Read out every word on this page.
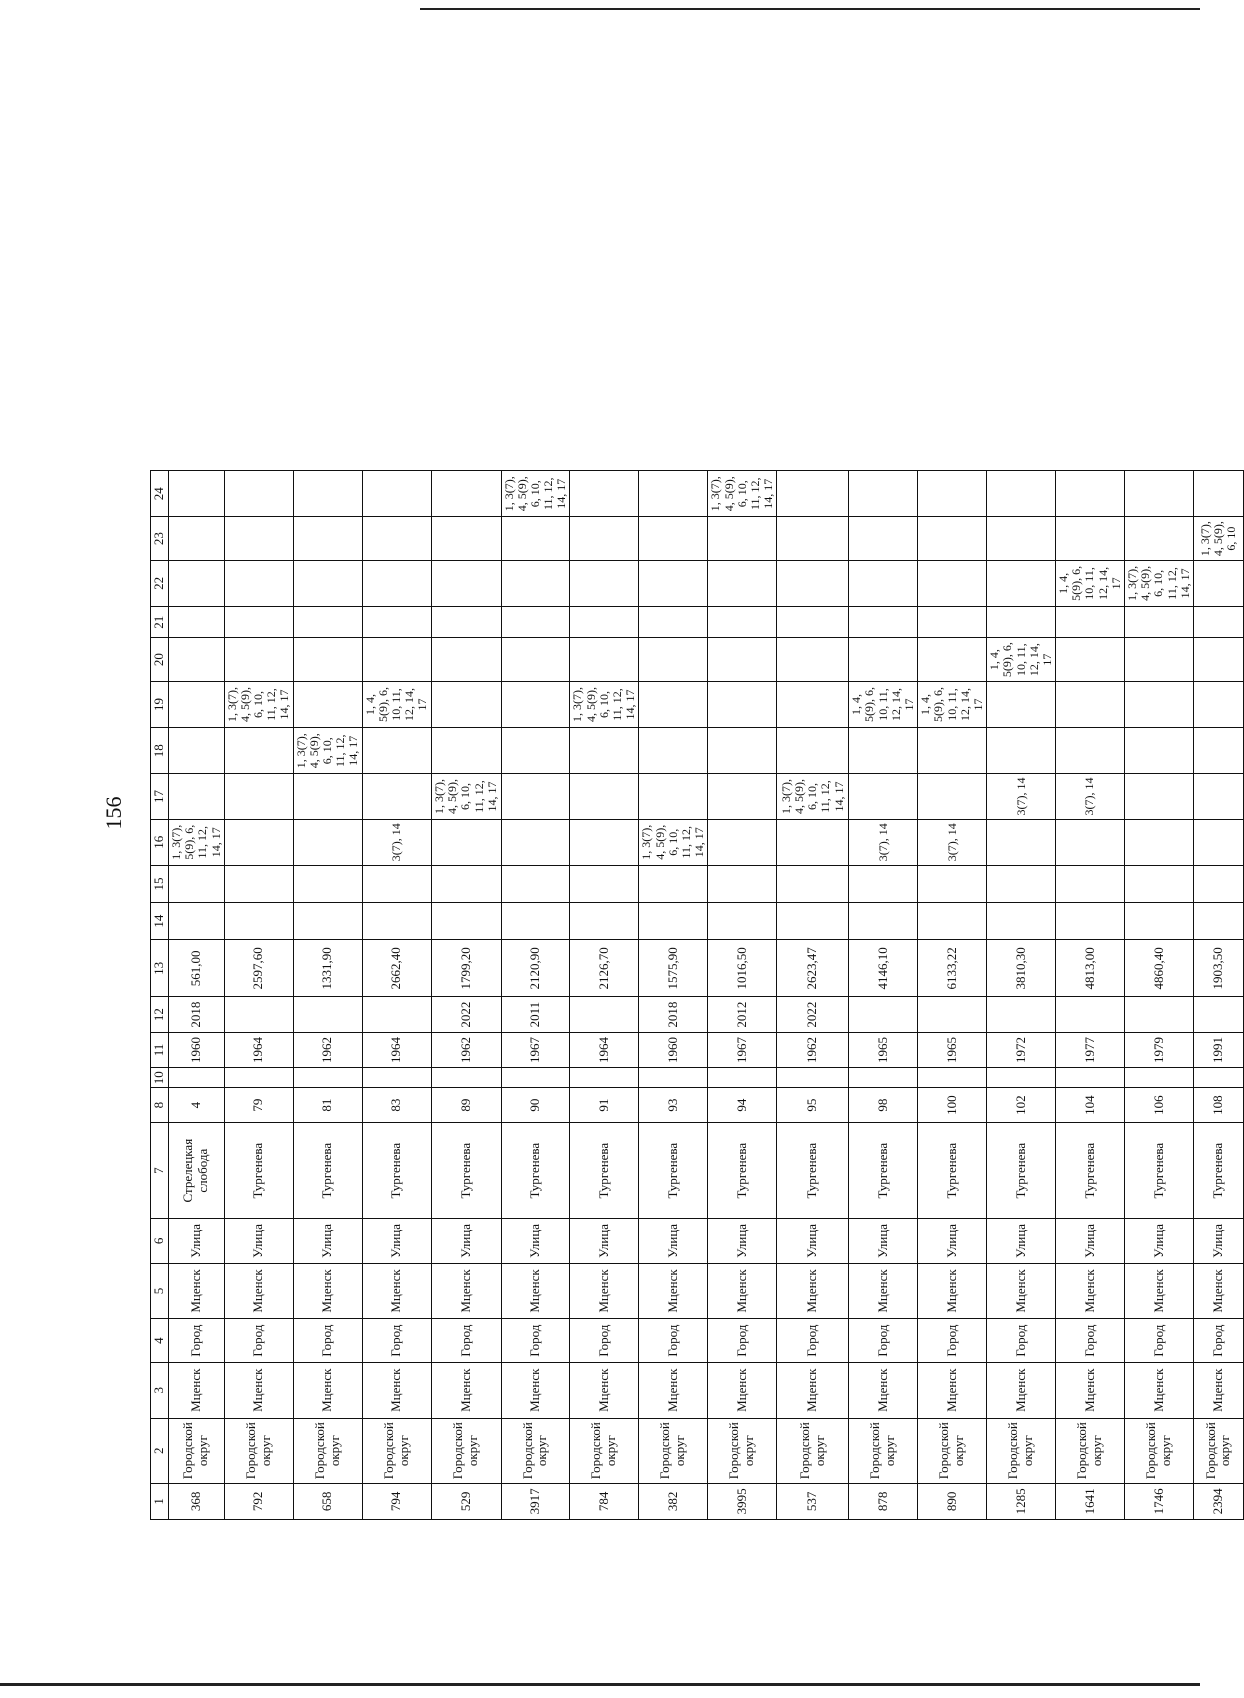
156
1	2	3	4	5	6	7	8	10	11	12	13	14	15	16	17	18	19	20	21	22	23	24
368	Городской округ	Мценск	Город	Мценск	Улица	Стрелецкая слобода	4		1960	2018	561,00			1, 3(7), 5(9), 6, 11, 12, 14, 17								
792	Городской округ	Мценск	Город	Мценск	Улица	Тургенева	79		1964		2597,60						1, 3(7), 4, 5(9), 6, 10, 11, 12, 14, 17					
658	Городской округ	Мценск	Город	Мценск	Улица	Тургенева	81		1962		1331,90					1, 3(7), 4, 5(9), 6, 10, 11, 12, 14, 17						
794	Городской округ	Мценск	Город	Мценск	Улица	Тургенева	83		1964		2662,40			3(7), 14			1, 4, 5(9), 6, 10, 11, 12, 14, 17					
529	Городской округ	Мценск	Город	Мценск	Улица	Тургенева	89		1962	2022	1799,20				1, 3(7), 4, 5(9), 6, 10, 11, 12, 14, 17							
3917	Городской округ	Мценск	Город	Мценск	Улица	Тургенева	90		1967	2011	2120,90											1, 3(7), 4, 5(9), 6, 10, 11, 12, 14, 17
784	Городской округ	Мценск	Город	Мценск	Улица	Тургенева	91		1964		2126,70						1, 3(7), 4, 5(9), 6, 10, 11, 12, 14, 17					
382	Городской округ	Мценск	Город	Мценск	Улица	Тургенева	93		1960	2018	1575,90			1, 3(7), 4, 5(9), 6, 10, 11, 12, 14, 17								
3995	Городской округ	Мценск	Город	Мценск	Улица	Тургенева	94		1967	2012	1016,50											1, 3(7), 4, 5(9), 6, 10, 11, 12, 14, 17
537	Городской округ	Мценск	Город	Мценск	Улица	Тургенева	95		1962	2022	2623,47				1, 3(7), 4, 5(9), 6, 10, 11, 12, 14, 17							
878	Городской округ	Мценск	Город	Мценск	Улица	Тургенева	98		1965		4146,10			3(7), 14			1, 4, 5(9), 6, 10, 11, 12, 14, 17					
890	Городской округ	Мценск	Город	Мценск	Улица	Тургенева	100		1965		6133,22			3(7), 14			1, 4, 5(9), 6, 10, 11, 12, 14, 17					
1285	Городской округ	Мценск	Город	Мценск	Улица	Тургенева	102		1972		3810,30				3(7), 14			1, 4, 5(9), 6, 10, 11, 12, 14, 17				
1641	Городской округ	Мценск	Город	Мценск	Улица	Тургенева	104		1977		4813,00				3(7), 14					1, 4, 5(9), 6, 10, 11, 12, 14, 17		
1746	Городской округ	Мценск	Город	Мценск	Улица	Тургенева	106		1979		4860,40									1, 3(7), 4, 5(9), 6, 10, 11, 12, 14, 17		
2394	Городской округ	Мценск	Город	Мценск	Улица	Тургенева	108		1991		1903,50										1, 3(7), 4, 5(9), 6, 10	
